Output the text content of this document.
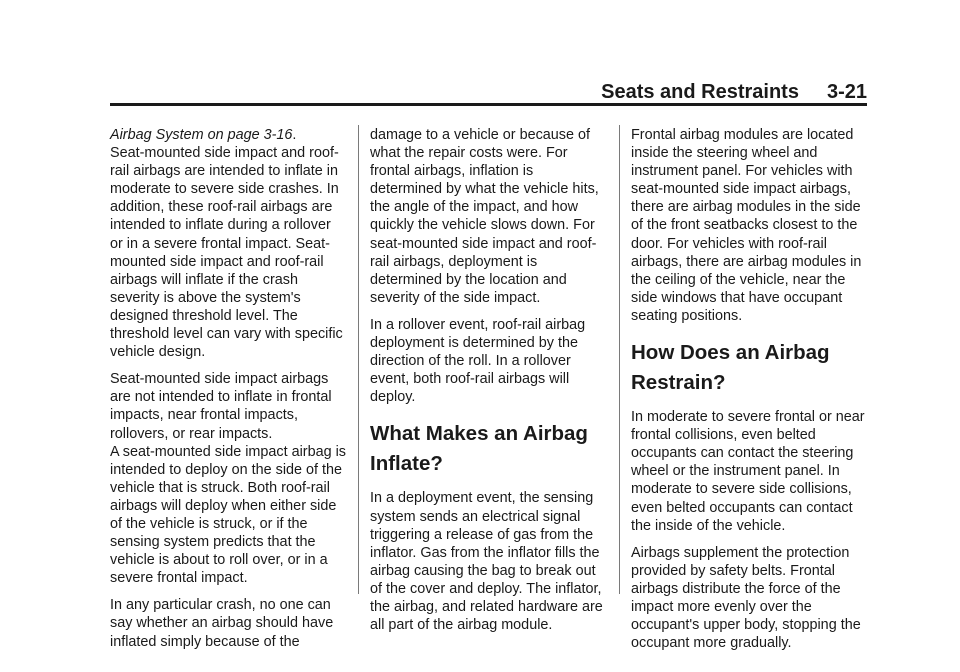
Seats and Restraints 3-21

Airbag System on page 3-16.

Seat-mounted side impact and roof-rail airbags are intended to inflate in moderate to severe side crashes. In addition, these roof-rail airbags are intended to inflate during a rollover or in a severe frontal impact. Seat-mounted side impact and roof-rail airbags will inflate if the crash severity is above the system's designed threshold level. The threshold level can vary with specific vehicle design.

Seat-mounted side impact airbags are not intended to inflate in frontal impacts, near frontal impacts, rollovers, or rear impacts.

A seat-mounted side impact airbag is intended to deploy on the side of the vehicle that is struck. Both roof-rail airbags will deploy when either side of the vehicle is struck, or if the sensing system predicts that the vehicle is about to roll over, or in a severe frontal impact.

In any particular crash, no one can say whether an airbag should have inflated simply because of the

damage to a vehicle or because of what the repair costs were. For frontal airbags, inflation is determined by what the vehicle hits, the angle of the impact, and how quickly the vehicle slows down. For seat-mounted side impact and roof-rail airbags, deployment is determined by the location and severity of the side impact.

In a rollover event, roof-rail airbag deployment is determined by the direction of the roll. In a rollover event, both roof-rail airbags will deploy.

What Makes an Airbag Inflate?

In a deployment event, the sensing system sends an electrical signal triggering a release of gas from the inflator. Gas from the inflator fills the airbag causing the bag to break out of the cover and deploy. The inflator, the airbag, and related hardware are all part of the airbag module.

Frontal airbag modules are located inside the steering wheel and instrument panel. For vehicles with seat-mounted side impact airbags, there are airbag modules in the side of the front seatbacks closest to the door. For vehicles with roof-rail airbags, there are airbag modules in the ceiling of the vehicle, near the side windows that have occupant seating positions.

How Does an Airbag Restrain?

In moderate to severe frontal or near frontal collisions, even belted occupants can contact the steering wheel or the instrument panel. In moderate to severe side collisions, even belted occupants can contact the inside of the vehicle.

Airbags supplement the protection provided by safety belts. Frontal airbags distribute the force of the impact more evenly over the occupant's upper body, stopping the occupant more gradually.
